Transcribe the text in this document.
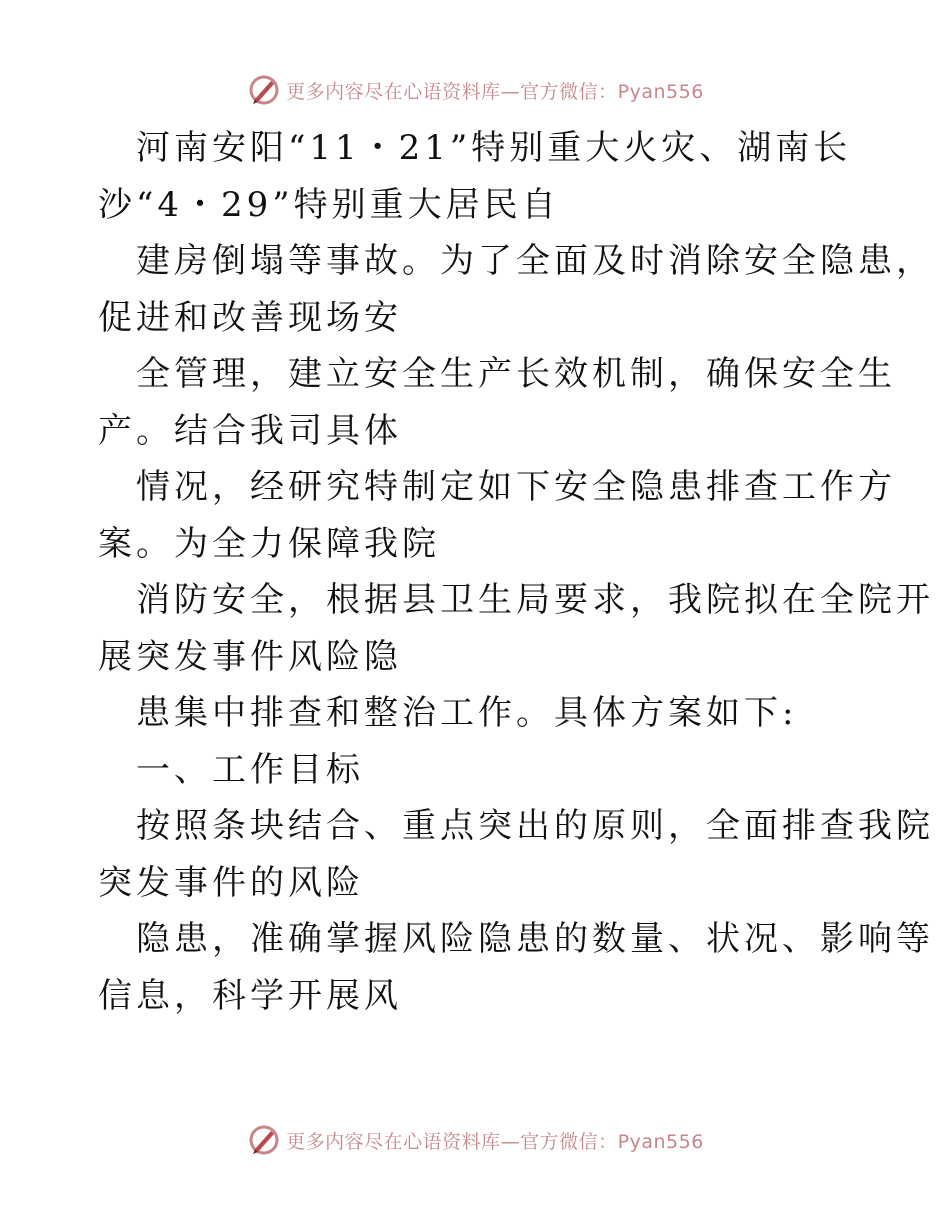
更多内容尽在心语资料库—官方微信：Pyan556
河南安阳“11・21”特别重大火灾、湖南长
沙“4・29”特别重大居民自
建房倒塌等事故。为了全面及时消除安全隐患，
促进和改善现场安
全管理，建立安全生产长效机制，确保安全生
产。结合我司具体
情况，经研究特制定如下安全隐患排查工作方
案。为全力保障我院
消防安全，根据县卫生局要求，我院拟在全院开
展突发事件风险隐
患集中排查和整治工作。具体方案如下:
一、工作目标
按照条块结合、重点突出的原则，全面排查我院
突发事件的风险
隐患，准确掌握风险隐患的数量、状况、影响等
信息，科学开展风
更多内容尽在心语资料库—官方微信：Pyan556
